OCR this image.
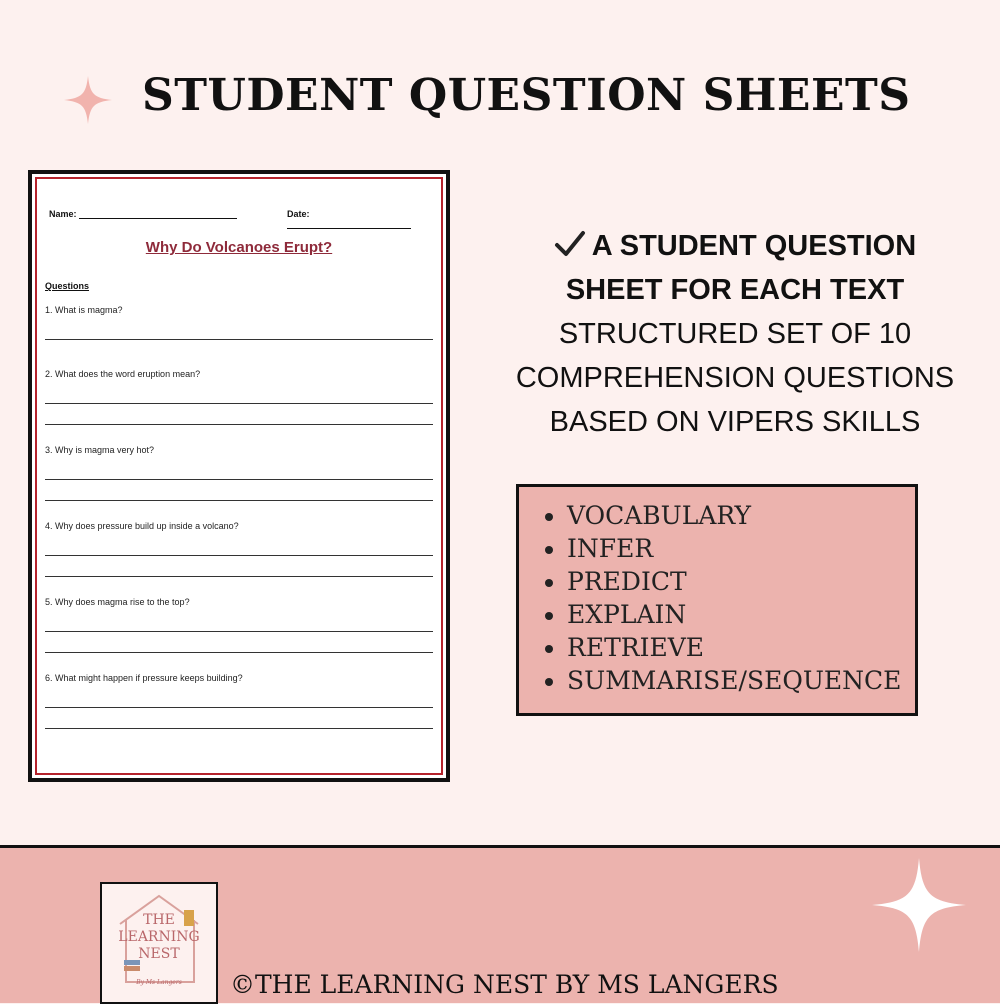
STUDENT QUESTION SHEETS
Name:	Date:
Why Do Volcanoes Erupt?
Questions
1. What is magma?
2. What does the word eruption mean?
3. Why is magma very hot?
4. Why does pressure build up inside a volcano?
5. Why does magma rise to the top?
6. What might happen if pressure keeps building?
A STUDENT QUESTION
SHEET FOR EACH TEXT
STRUCTURED SET OF 10
COMPREHENSION QUESTIONS
BASED ON VIPERS SKILLS
• VOCABULARY
• INFER
• PREDICT
• EXPLAIN
• RETRIEVE
• SUMMARISE/SEQUENCE
THE
LEARNING
NEST
By Ms Langers	©THE LEARNING NEST BY MS LANGERS
